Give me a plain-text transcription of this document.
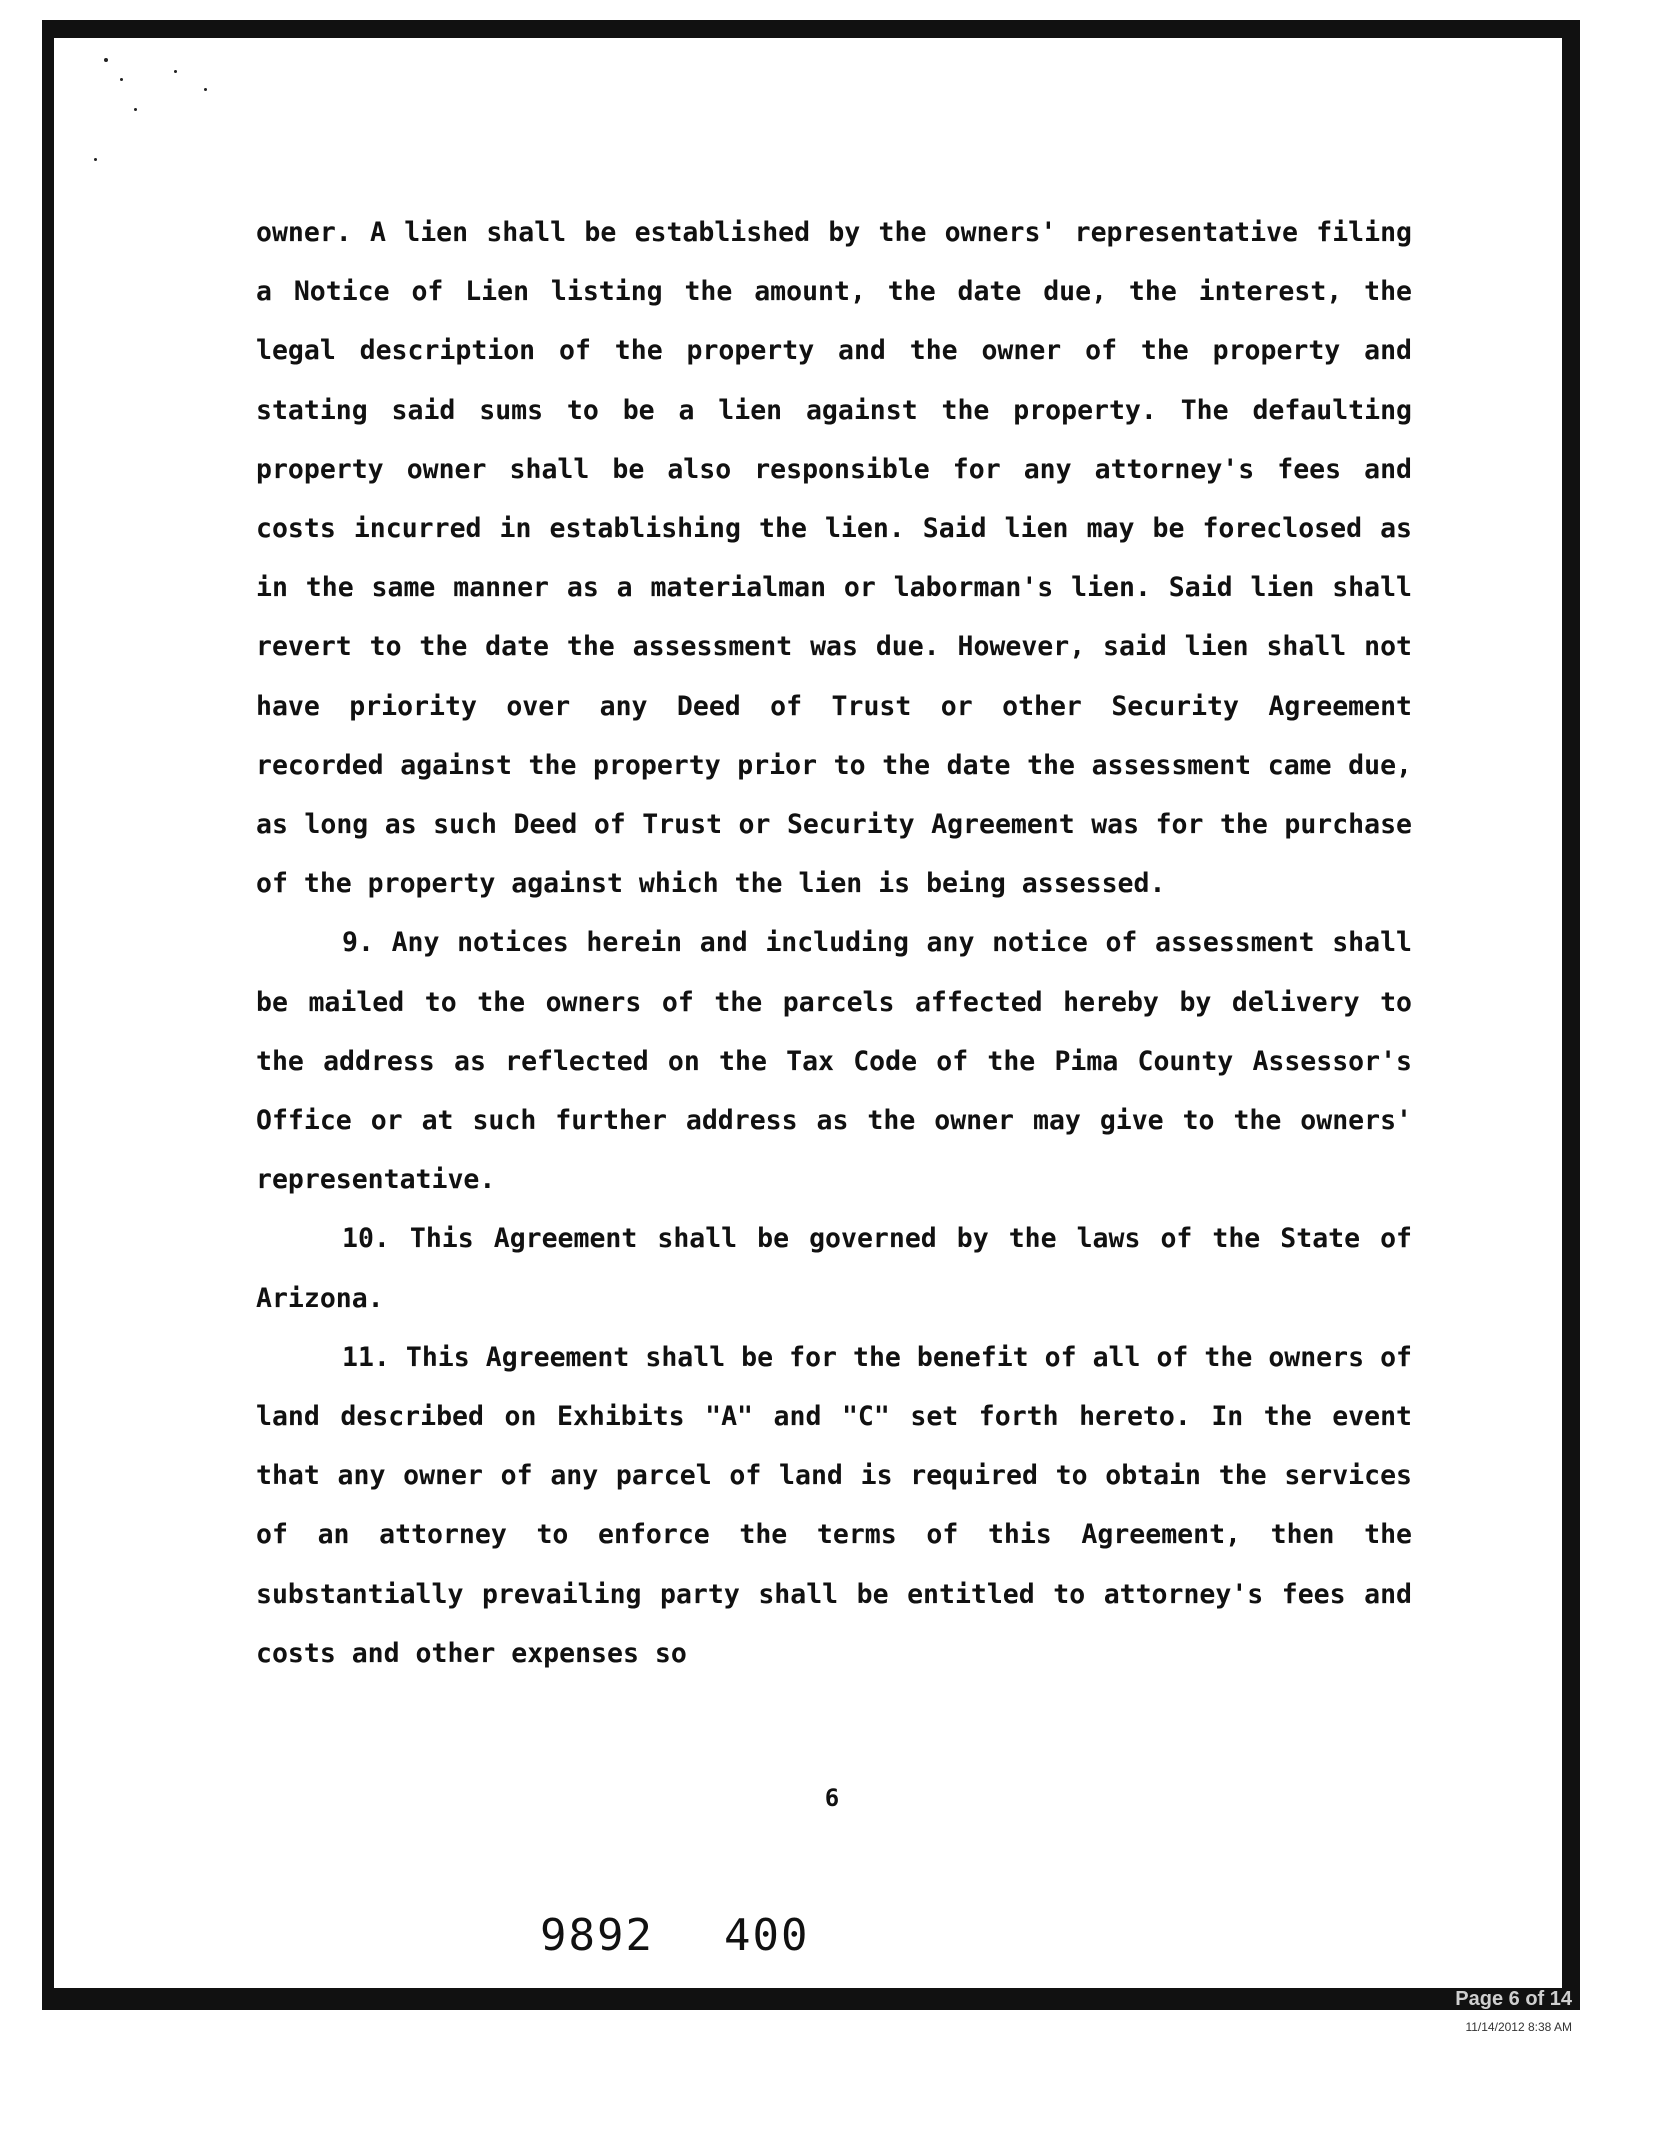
owner. A lien shall be established by the owners' representative filing a Notice of Lien listing the amount, the date due, the interest, the legal description of the property and the owner of the property and stating said sums to be a lien against the property. The defaulting property owner shall be also responsible for any attorney's fees and costs incurred in establishing the lien. Said lien may be foreclosed as in the same manner as a materialman or laborman's lien. Said lien shall revert to the date the assessment was due. However, said lien shall not have priority over any Deed of Trust or other Security Agreement recorded against the property prior to the date the assessment came due, as long as such Deed of Trust or Security Agreement was for the purchase of the property against which the lien is being assessed.

9. Any notices herein and including any notice of assessment shall be mailed to the owners of the parcels affected hereby by delivery to the address as reflected on the Tax Code of the Pima County Assessor's Office or at such further address as the owner may give to the owners' representative.

10. This Agreement shall be governed by the laws of the State of Arizona.

11. This Agreement shall be for the benefit of all of the owners of land described on Exhibits "A" and "C" set forth hereto. In the event that any owner of any parcel of land is required to obtain the services of an attorney to enforce the terms of this Agreement, then the substantially prevailing party shall be entitled to attorney's fees and costs and other expenses so

6
9892 400
Page 6 of 14
11/14/2012 8:38 AM
